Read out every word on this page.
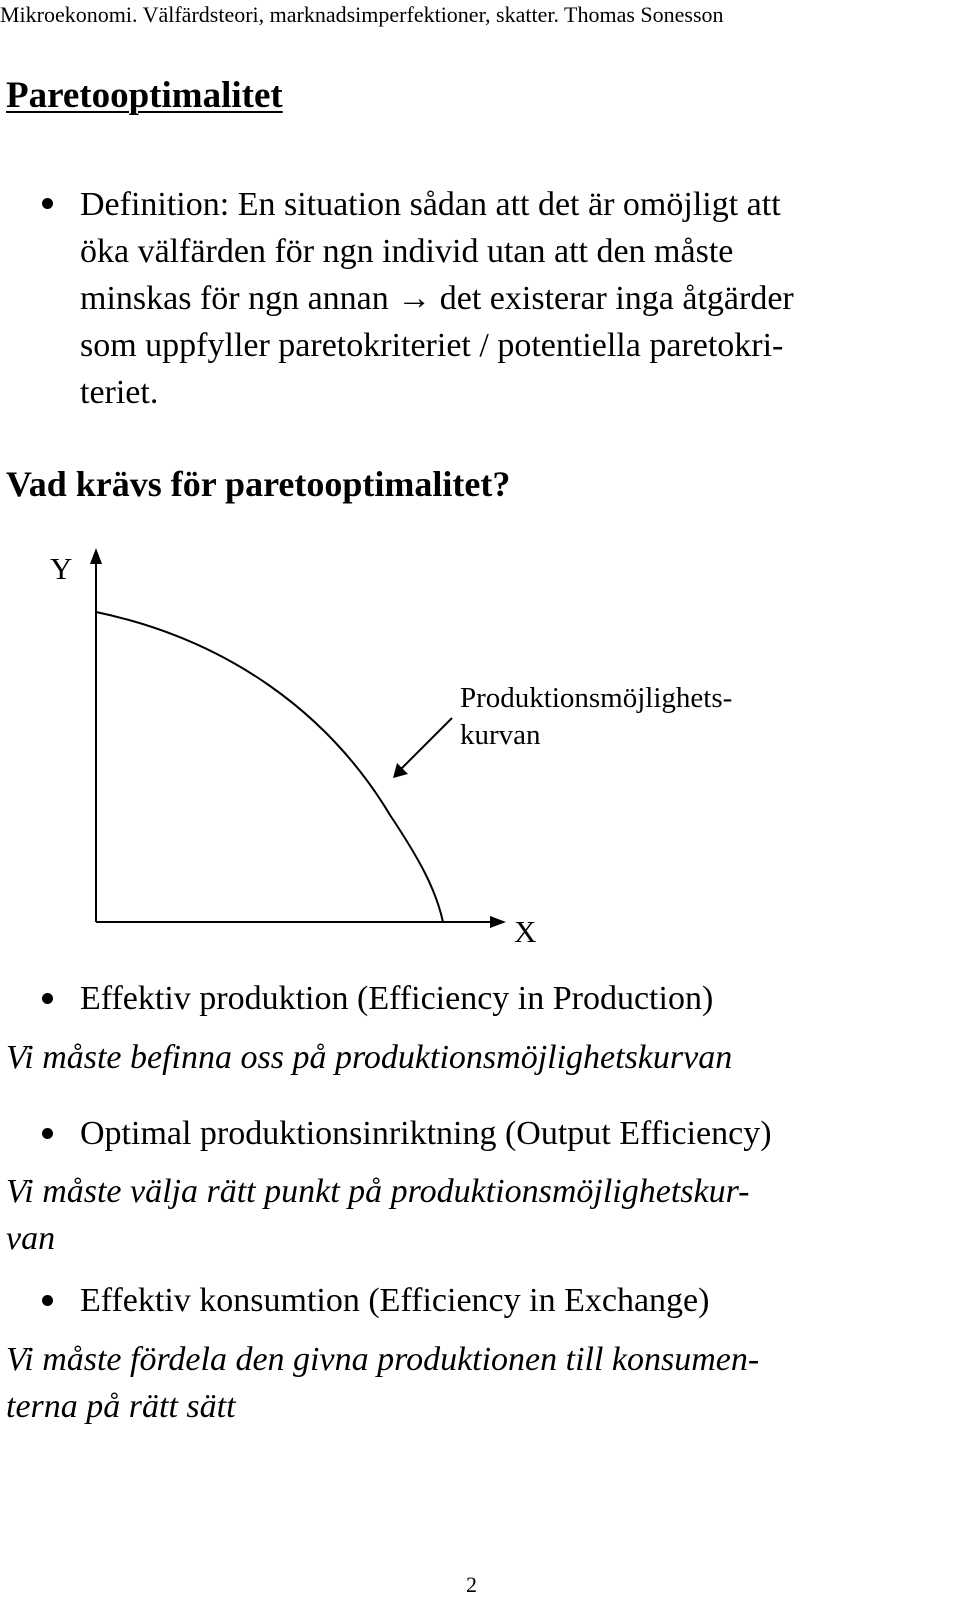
Mikroekonomi. Välfärdsteori, marknadsimperfektioner, skatter. Thomas Sonesson
Paretooptimalitet
Definition: En situation sådan att det är omöjligt att
öka välfärden för ngn individ utan att den måste
minskas för ngn annan → det existerar inga åtgärder
som uppfyller paretokriteriet / potentiella paretokri-
teriet.
Vad krävs för paretooptimalitet?
Y
X
Produktionsmöjlighets-
kurvan
Effektiv produktion (Efficiency in Production)
Vi måste befinna oss på produktionsmöjlighetskurvan
Optimal produktionsinriktning (Output Efficiency)
Vi måste välja rätt punkt på produktionsmöjlighetskur-
van
Effektiv konsumtion (Efficiency in Exchange)
Vi måste fördela den givna produktionen till konsumen-
terna på rätt sätt
2
